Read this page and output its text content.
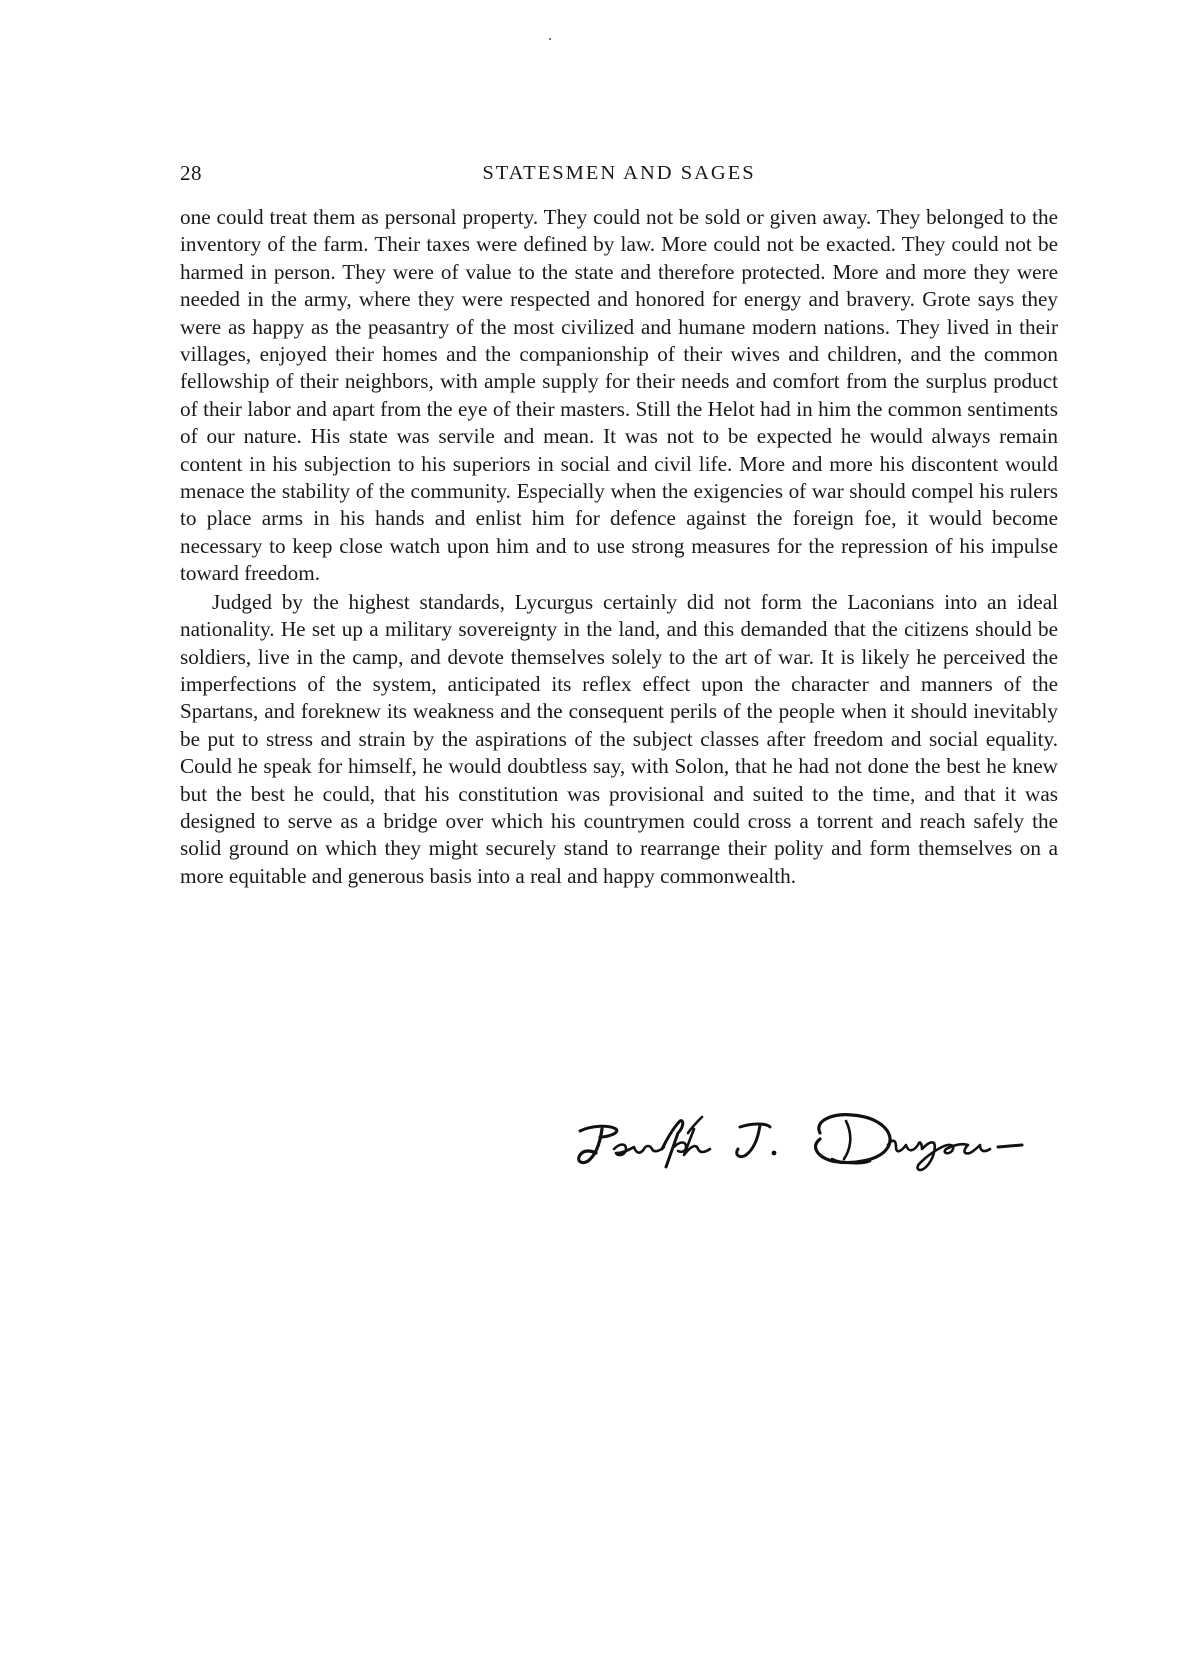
28	STATESMEN AND SAGES

one could treat them as personal property. They could not be sold or given away. They belonged to the inventory of the farm. Their taxes were defined by law. More could not be exacted. They could not be harmed in person. They were of value to the state and therefore protected. More and more they were needed in the army, where they were respected and honored for energy and bravery. Grote says they were as happy as the peasantry of the most civilized and humane modern nations. They lived in their villages, enjoyed their homes and the companionship of their wives and children, and the common fellowship of their neighbors, with ample supply for their needs and comfort from the surplus product of their labor and apart from the eye of their masters. Still the Helot had in him the common sentiments of our nature. His state was servile and mean. It was not to be expected he would always remain content in his subjection to his superiors in social and civil life. More and more his discontent would menace the stability of the community. Especially when the exigencies of war should compel his rulers to place arms in his hands and enlist him for defence against the foreign foe, it would become necessary to keep close watch upon him and to use strong measures for the repression of his impulse toward freedom.

Judged by the highest standards, Lycurgus certainly did not form the Laconians into an ideal nationality. He set up a military sovereignty in the land, and this demanded that the citizens should be soldiers, live in the camp, and devote themselves solely to the art of war. It is likely he perceived the imperfections of the system, anticipated its reflex effect upon the character and manners of the Spartans, and foreknew its weakness and the consequent perils of the people when it should inevitably be put to stress and strain by the aspirations of the subject classes after freedom and social equality. Could he speak for himself, he would doubtless say, with Solon, that he had not done the best he knew but the best he could, that his constitution was provisional and suited to the time, and that it was designed to serve as a bridge over which his countrymen could cross a torrent and reach safely the solid ground on which they might securely stand to rearrange their polity and form themselves on a more equitable and generous basis into a real and happy commonwealth.
